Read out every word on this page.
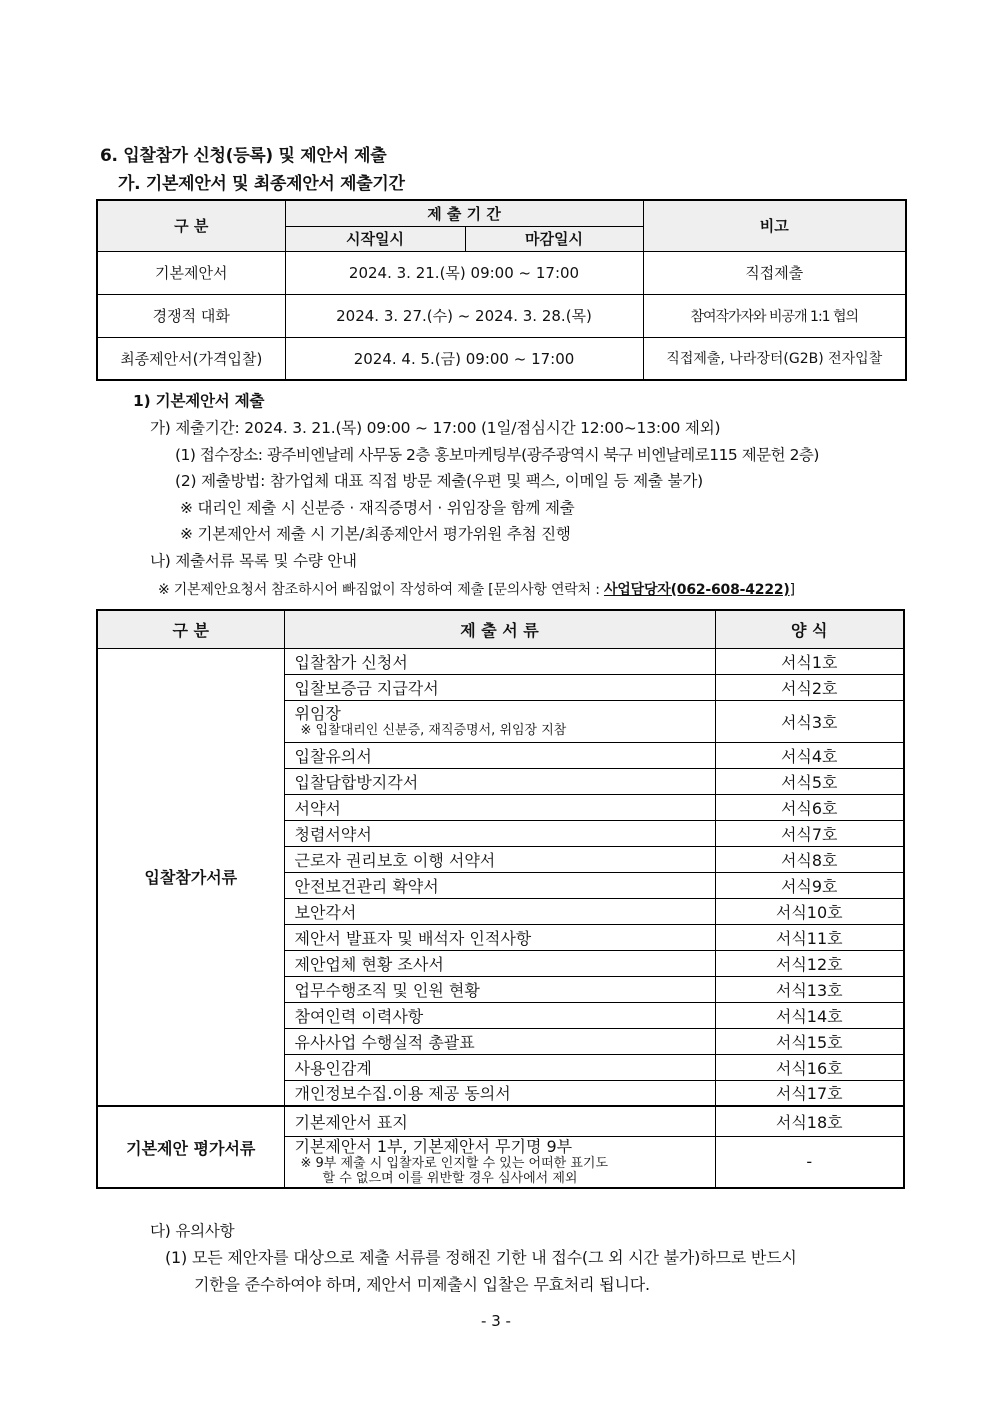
6. 입찰참가 신청(등록) 및 제안서 제출
가. 기본제안서 및 최종제안서 제출기간
구 분	제 출 기 간		비고
	시작일시	마감일시	
기본제안서	2024. 3. 21.(목) 09:00 ~ 17:00		직접제출
경쟁적 대화	2024. 3. 27.(수) ~ 2024. 3. 28.(목)		참여작가자와 비공개 1:1 협의
최종제안서(가격입찰)	2024. 4. 5.(금) 09:00 ~ 17:00		직접제출, 나라장터(G2B) 전자입찰
1) 기본제안서 제출
가) 제출기간: 2024. 3. 21.(목) 09:00 ~ 17:00 (1일/점심시간 12:00~13:00 제외)
(1) 접수장소: 광주비엔날레 사무동 2층 홍보마케팅부(광주광역시 북구 비엔날레로115 제문헌 2층)
(2) 제출방법: 참가업체 대표 직접 방문 제출(우편 및 팩스, 이메일 등 제출 불가)
※ 대리인 제출 시 신분증 · 재직증명서 · 위임장을 함께 제출
※ 기본제안서 제출 시 기본/최종제안서 평가위원 추첨 진행
나) 제출서류 목록 및 수량 안내
※ 기본제안요청서 참조하시어 빠짐없이 작성하여 제출 [문의사항 연락처 : 사업담당자(062-608-4222)]
구 분	제 출 서 류	양 식
입찰참가서류	입찰참가 신청서	서식1호
	입찰보증금 지급각서	서식2호

	위임장
※ 입찰대리인 신분증, 재직증명서, 위임장 지참	서식3호
	입찰유의서	서식4호
	입찰담합방지각서	서식5호
	서약서	서식6호
	청렴서약서	서식7호
	근로자 권리보호 이행 서약서	서식8호
	안전보건관리 확약서	서식9호
	보안각서	서식10호
	제안서 발표자 및 배석자 인적사항	서식11호
	제안업체 현황 조사서	서식12호
	업무수행조직 및 인원 현황	서식13호
	참여인력 이력사항	서식14호
	유사사업 수행실적 총괄표	서식15호
	사용인감계	서식16호
	개인정보수집.이용 제공 동의서	서식17호
기본제안 평가서류	기본제안서 표지	서식18호

	기본제안서 1부, 기본제안서 무기명 9부
※ 9부 제출 시 입찰자로 인지할 수 있는 어떠한 표기도
할 수 없으며 이를 위반할 경우 심사에서 제외	-
다) 유의사항
(1) 모든 제안자를 대상으로 제출 서류를 정해진 기한 내 접수(그 외 시간 불가)하므로 반드시
기한을 준수하여야 하며, 제안서 미제출시 입찰은 무효처리 됩니다.
- 3 -
